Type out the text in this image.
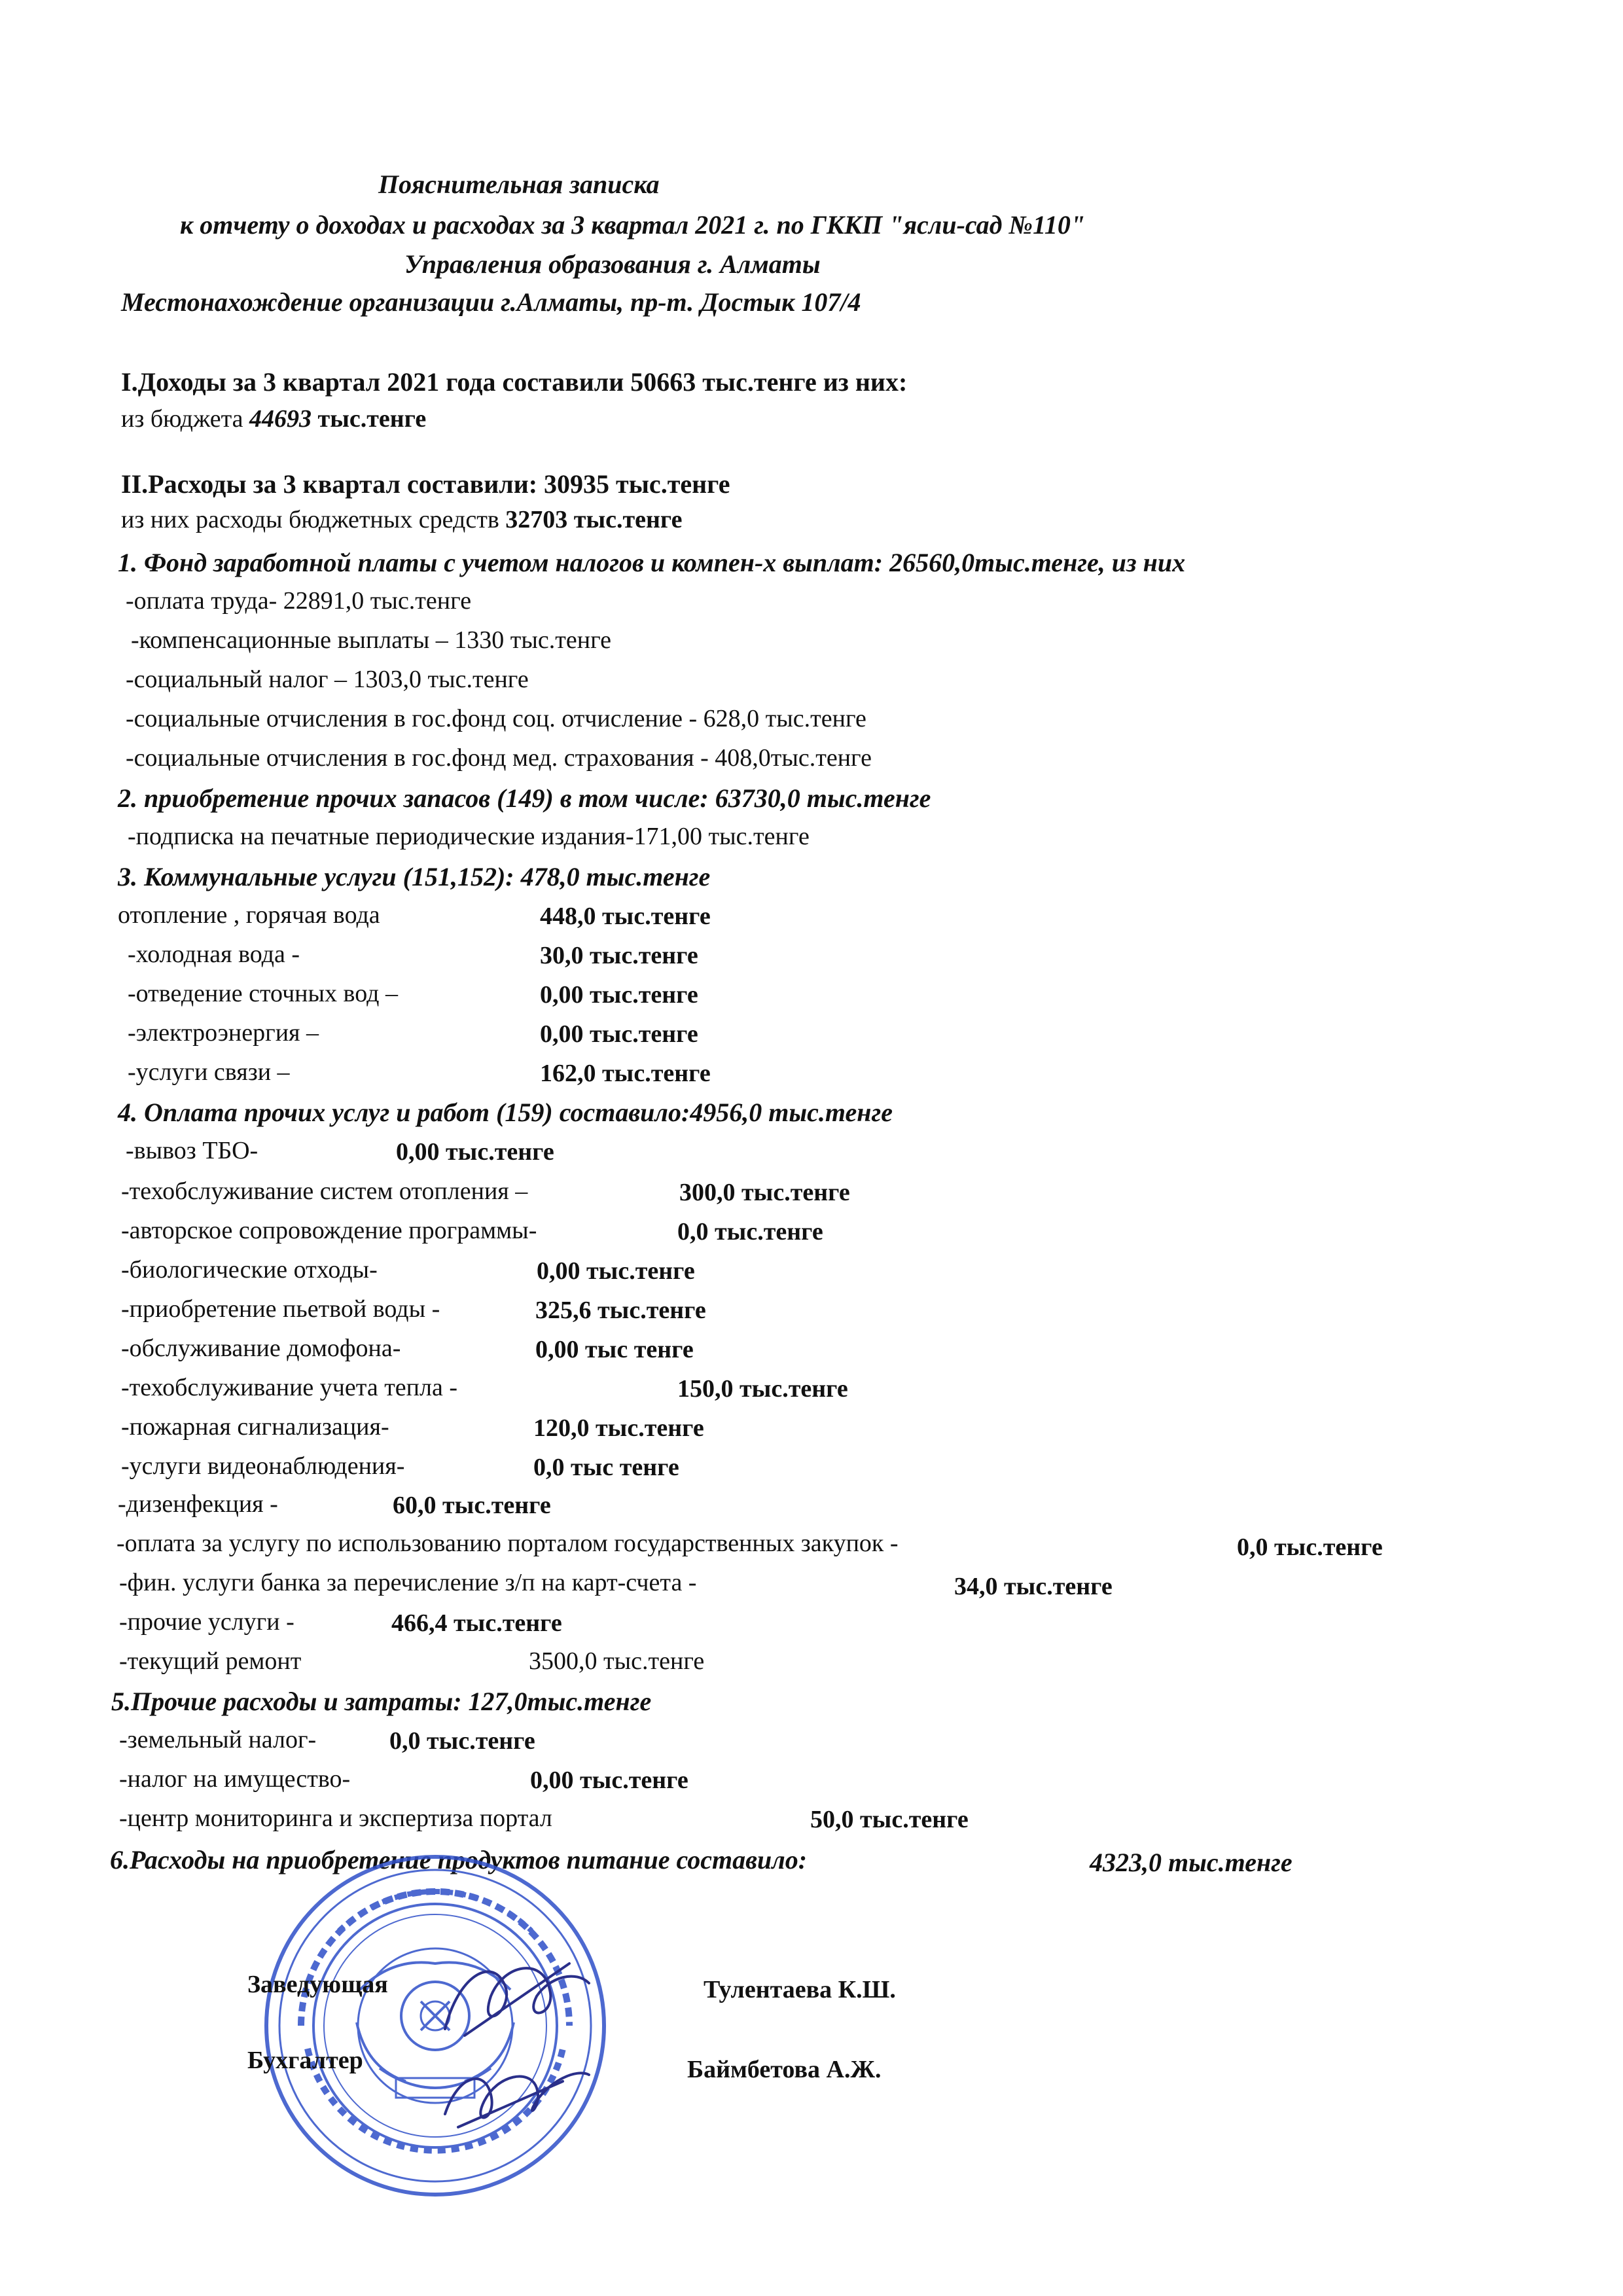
Пояснительная записка
к отчету о доходах и расходах за 3 квартал 2021 г. по ГККП "ясли-сад №110"
Управления образования г. Алматы
Местонахождение организации г.Алматы, пр-т. Достык 107/4
I.Доходы за 3 квартал 2021 года составили 50663 тыс.тенге из них:
из бюджета 44693 тыс.тенге
II.Расходы за 3 квартал составили: 30935 тыс.тенге
из них расходы бюджетных средств 32703 тыс.тенге
1. Фонд заработной платы с учетом налогов и компен-х выплат: 26560,0тыс.тенге, из них
-оплата труда- 22891,0 тыс.тенге
-компенсационные выплаты – 1330 тыс.тенге
-социальный налог – 1303,0 тыс.тенге
-социальные отчисления в гос.фонд соц. отчисление - 628,0 тыс.тенге
-социальные отчисления в гос.фонд мед. страхования - 408,0тыс.тенге
2. приобретение прочих запасов (149) в том числе: 63730,0 тыс.тенге
-подписка на печатные периодические издания-171,00 тыс.тенге
3. Коммунальные услуги (151,152): 478,0 тыс.тенге
отопление , горячая вода	448,0 тыс.тенге
-холодная вода -	30,0 тыс.тенге
-отведение сточных вод –	0,00 тыс.тенге
-электроэнергия –	0,00 тыс.тенге
-услуги связи –	162,0 тыс.тенге
4. Оплата прочих услуг и работ (159) составило:4956,0 тыс.тенге
-вывоз ТБО-	0,00 тыс.тенге
-техобслуживание систем отопления –	300,0 тыс.тенге
-авторское сопровождение программы-	0,0 тыс.тенге
-биологические отходы-	0,00 тыс.тенге
-приобретение пьетвой воды -	325,6 тыс.тенге
-обслуживание домофона-	0,00 тыс тенге
-техобслуживание учета тепла -	150,0 тыс.тенге
-пожарная сигнализация-	120,0 тыс.тенге
-услуги видеонаблюдения-	0,0 тыс тенге
-дизенфекция -	60,0 тыс.тенге
-оплата за услугу по использованию порталом государственных закупок -	0,0 тыс.тенге
-фин. услуги банка за перечисление з/п на карт-счета -	34,0 тыс.тенге
-прочие услуги -	466,4 тыс.тенге
-текущий ремонт	3500,0 тыс.тенге
5.Прочие расходы и затраты: 127,0тыс.тенге
-земельный налог-	0,0 тыс.тенге
-налог на имущество-	0,00 тыс.тенге
-центр мониторинга и экспертиза портал	50,0 тыс.тенге
6.Расходы на приобретение продуктов питание составило:	4323,0 тыс.тенге
Заведующая	Тулентаева К.Ш.
Бухгалтер	Баймбетова А.Ж.
